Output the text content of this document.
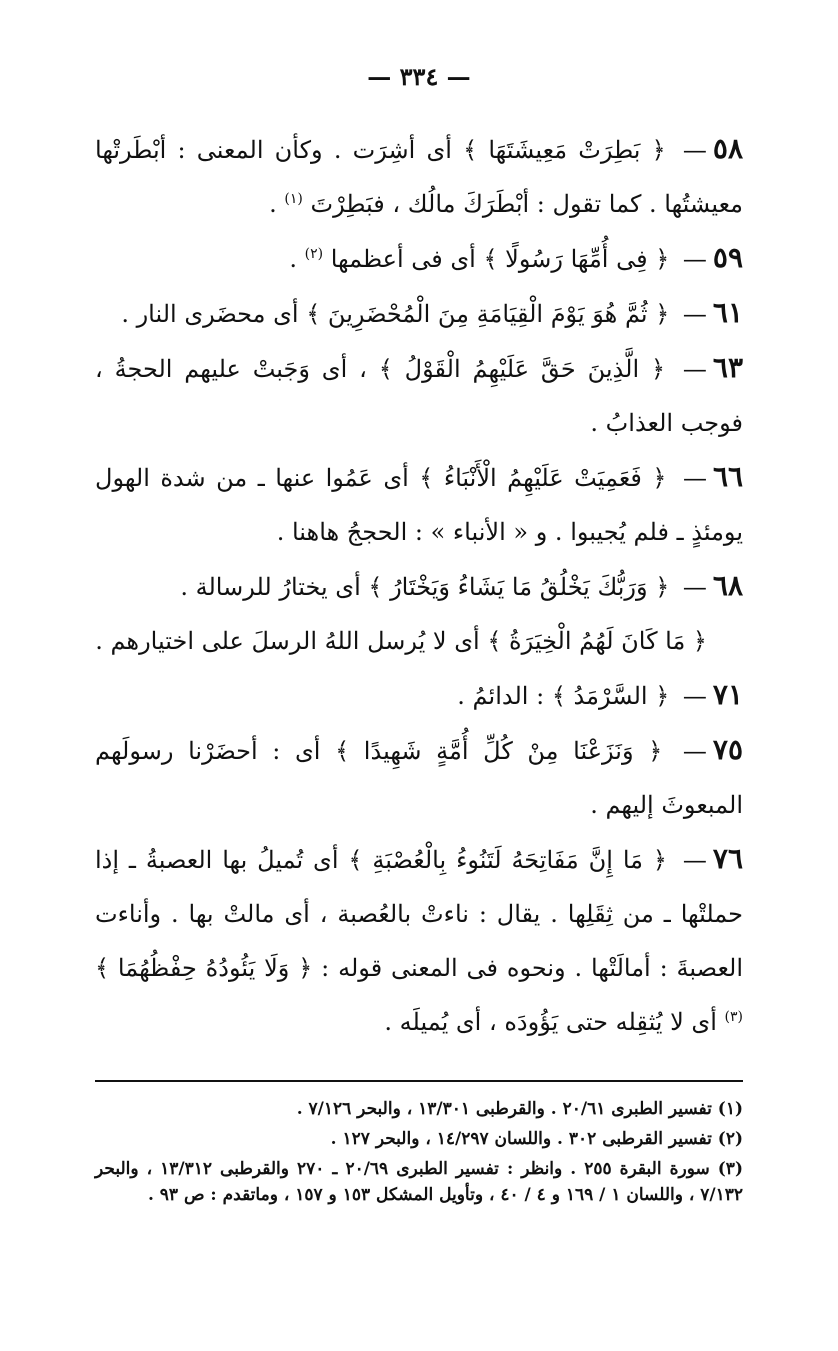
— ٣٣٤ —

٥٨— ﴿ بَطِرَتْ مَعِيشَتَهَا ﴾ أى أشِرَت . وكأن المعنى : أبْطَرتْها معيشتُها . كما تقول : أبْطَرَكَ مالُك ، فبَطِرْتَ $^{(١)}$ .

٥٩— ﴿ فِى أُمِّهَا رَسُولًا ﴾ أى فى أعظمها $^{(٢)}$ .

٦١— ﴿ ثُمَّ هُوَ يَوْمَ الْقِيَامَةِ مِنَ الْمُحْضَرِينَ ﴾ أى محضَرى النار .

٦٣— ﴿ الَّذِينَ حَقَّ عَلَيْهِمُ الْقَوْلُ ﴾ ، أى وَجَبتْ عليهم الحجةُ ، فوجب العذابُ .

٦٦— ﴿ فَعَمِيَتْ عَلَيْهِمُ الْأَنْبَاءُ ﴾ أى عَمُوا عنها ـ من شدة الهول يومئذٍ ـ فلم يُجيبوا . و « الأنباء » : الحججُ هاهنا .

٦٨— ﴿ وَرَبُّكَ يَخْلُقُ مَا يَشَاءُ وَيَخْتَارُ ﴾ أى يختارُ للرسالة .

﴿ مَا كَانَ لَهُمُ الْخِيَرَةُ ﴾ أى لا يُرسل اللهُ الرسلَ على اختيارهم .

٧١— ﴿ السَّرْمَدُ ﴾ : الدائمُ .

٧٥— ﴿ وَنَزَعْنَا مِنْ كُلِّ أُمَّةٍ شَهِيدًا ﴾ أى : أحضَرْنا رسولَهم المبعوثَ إليهم .

٧٦— ﴿ مَا إِنَّ مَفَاتِحَهُ لَتَنُوءُ بِالْعُصْبَةِ ﴾ أى تُميلُ بها العصبةُ ـ إذا حملتْها ـ من ثِقَلِها . يقال : ناءتْ بالعُصبة ، أى مالتْ بها . وأناءت العصبةَ : أمالَتْها . ونحوه فى المعنى قوله : ﴿ وَلَا يَئُودُهُ حِفْظُهُمَا ﴾ $^{(٣)}$ أى لا يُثقِله حتى يَؤُودَه ، أى يُميلَه .

(١) تفسير الطبرى ٢٠/٦١ . والقرطبى ١٣/٣٠١ ، والبحر ٧/١٢٦ .

(٢) تفسير القرطبى ٣٠٢ . واللسان ١٤/٢٩٧ ، والبحر ١٢٧ .

(٣) سورة البقرة ٢٥٥ . وانظر : تفسير الطبرى ٢٠/٦٩ ـ ٢٧٠ والقرطبى ١٣/٣١٢ ، والبحر ٧/١٣٢ ، واللسان ١ / ١٦٩ و ٤ / ٤٠ ، وتأويل المشكل ١٥٣ و ١٥٧ ، وماتقدم : ص ٩٣ .
